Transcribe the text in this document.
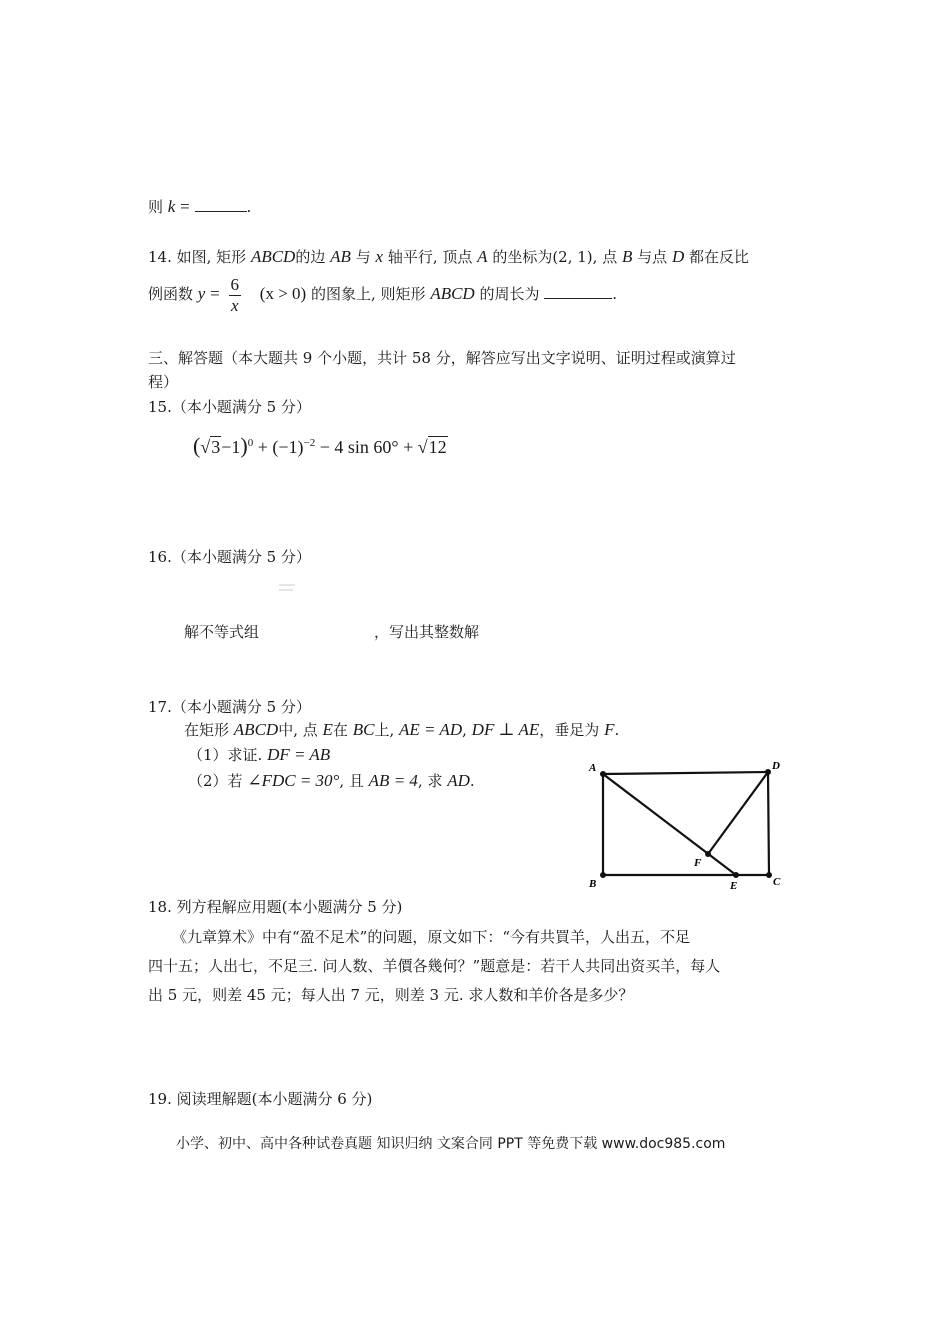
则 k =	.
14. 如图, 矩形 ABCD的边 AB 与 x 轴平行, 顶点 A 的坐标为(2, 1), 点 B 与点 D 都在反比
例函数 $y = \frac{6}{x} (x > 0)$ 的图象上, 则矩形 ABCD 的周长为	.
三、解答题（本大题共 9 个小题，共计 58 分，解答应写出文字说明、证明过程或演算过
程）
15.（本小题满分 5 分）
$(√3-1)^0 + (-1)^{-2} - 4$ sin 60° + √12
16.（本小题满分 5 分）
解不等式组	，写出其整数解
17.（本小题满分 5 分）
在矩形 ABCD中, 点 E在 BC上, AE = AD, DF ⊥ AE，垂足为 F.
（1）求证. DF = AB
（2）若 ∠FDC = 30°, 且 AB = 4, 求 AD.
A	D
B	C
E
F
18. 列方程解应用题(本小题满分 5 分)
《九章算术》中有“盈不足术”的问题，原文如下：“今有共買羊，人出五，不足
四十五；人出七，不足三. 问人数、羊價各幾何？”题意是：若干人共同出资买羊，每人
出 5 元，则差 45 元；每人出 7 元，则差 3 元. 求人数和羊价各是多少？
19. 阅读理解题(本小题满分 6 分)
小学、初中、高中各种试卷真题 知识归纳 文案合同 PPT 等免费下载 www.doc985.com
